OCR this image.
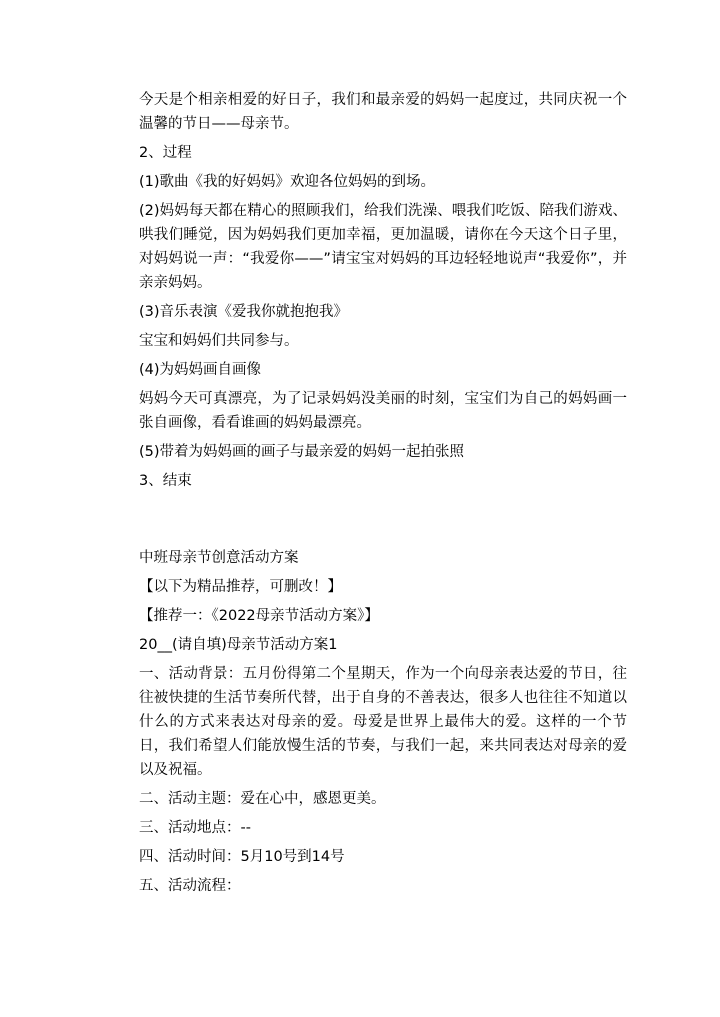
今天是个相亲相爱的好日子，我们和最亲爱的妈妈一起度过，共同庆祝一个温馨的节日——母亲节。

2、过程

(1)歌曲《我的好妈妈》欢迎各位妈妈的到场。

(2)妈妈每天都在精心的照顾我们，给我们洗澡、喂我们吃饭、陪我们游戏、哄我们睡觉，因为妈妈我们更加幸福，更加温暖，请你在今天这个日子里，对妈妈说一声：“我爱你——”请宝宝对妈妈的耳边轻轻地说声“我爱你”，并亲亲妈妈。

(3)音乐表演《爱我你就抱抱我》

宝宝和妈妈们共同参与。

(4)为妈妈画自画像

妈妈今天可真漂亮，为了记录妈妈没美丽的时刻，宝宝们为自己的妈妈画一张自画像，看看谁画的妈妈最漂亮。

(5)带着为妈妈画的画子与最亲爱的妈妈一起拍张照

3、结束

中班母亲节创意活动方案

【以下为精品推荐，可删改！】

【推荐一：《2022母亲节活动方案》】

20__(请自填)母亲节活动方案1

一、活动背景：五月份得第二个星期天，作为一个向母亲表达爱的节日，往往被快捷的生活节奏所代替，出于自身的不善表达，很多人也往往不知道以什么的方式来表达对母亲的爱。母爱是世界上最伟大的爱。这样的一个节日，我们希望人们能放慢生活的节奏，与我们一起，来共同表达对母亲的爱以及祝福。

二、活动主题：爱在心中，感恩更美。

三、活动地点：--

四、活动时间：5月10号到14号

五、活动流程：
